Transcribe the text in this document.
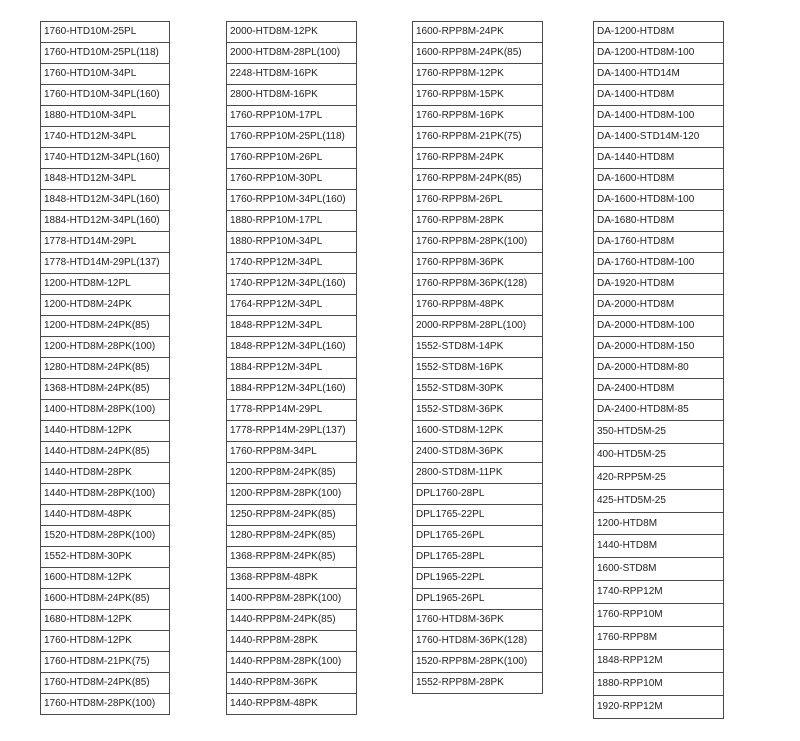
1760-HTD10M-25PL
1760-HTD10M-25PL(118)
1760-HTD10M-34PL
1760-HTD10M-34PL(160)
1880-HTD10M-34PL
1740-HTD12M-34PL
1740-HTD12M-34PL(160)
1848-HTD12M-34PL
1848-HTD12M-34PL(160)
1884-HTD12M-34PL(160)
1778-HTD14M-29PL
1778-HTD14M-29PL(137)
1200-HTD8M-12PL
1200-HTD8M-24PK
1200-HTD8M-24PK(85)
1200-HTD8M-28PK(100)
1280-HTD8M-24PK(85)
1368-HTD8M-24PK(85)
1400-HTD8M-28PK(100)
1440-HTD8M-12PK
1440-HTD8M-24PK(85)
1440-HTD8M-28PK
1440-HTD8M-28PK(100)
1440-HTD8M-48PK
1520-HTD8M-28PK(100)
1552-HTD8M-30PK
1600-HTD8M-12PK
1600-HTD8M-24PK(85)
1680-HTD8M-12PK
1760-HTD8M-12PK
1760-HTD8M-21PK(75)
1760-HTD8M-24PK(85)
1760-HTD8M-28PK(100)
2000-HTD8M-12PK
2000-HTD8M-28PL(100)
2248-HTD8M-16PK
2800-HTD8M-16PK
1760-RPP10M-17PL
1760-RPP10M-25PL(118)
1760-RPP10M-26PL
1760-RPP10M-30PL
1760-RPP10M-34PL(160)
1880-RPP10M-17PL
1880-RPP10M-34PL
1740-RPP12M-34PL
1740-RPP12M-34PL(160)
1764-RPP12M-34PL
1848-RPP12M-34PL
1848-RPP12M-34PL(160)
1884-RPP12M-34PL
1884-RPP12M-34PL(160)
1778-RPP14M-29PL
1778-RPP14M-29PL(137)
1760-RPP8M-34PL
1200-RPP8M-24PK(85)
1200-RPP8M-28PK(100)
1250-RPP8M-24PK(85)
1280-RPP8M-24PK(85)
1368-RPP8M-24PK(85)
1368-RPP8M-48PK
1400-RPP8M-28PK(100)
1440-RPP8M-24PK(85)
1440-RPP8M-28PK
1440-RPP8M-28PK(100)
1440-RPP8M-36PK
1440-RPP8M-48PK
1600-RPP8M-24PK
1600-RPP8M-24PK(85)
1760-RPP8M-12PK
1760-RPP8M-15PK
1760-RPP8M-16PK
1760-RPP8M-21PK(75)
1760-RPP8M-24PK
1760-RPP8M-24PK(85)
1760-RPP8M-26PL
1760-RPP8M-28PK
1760-RPP8M-28PK(100)
1760-RPP8M-36PK
1760-RPP8M-36PK(128)
1760-RPP8M-48PK
2000-RPP8M-28PL(100)
1552-STD8M-14PK
1552-STD8M-16PK
1552-STD8M-30PK
1552-STD8M-36PK
1600-STD8M-12PK
2400-STD8M-36PK
2800-STD8M-11PK
DPL1760-28PL
DPL1765-22PL
DPL1765-26PL
DPL1765-28PL
DPL1965-22PL
DPL1965-26PL
1760-HTD8M-36PK
1760-HTD8M-36PK(128)
1520-RPP8M-28PK(100)
1552-RPP8M-28PK
DA-1200-HTD8M
DA-1200-HTD8M-100
DA-1400-HTD14M
DA-1400-HTD8M
DA-1400-HTD8M-100
DA-1400-STD14M-120
DA-1440-HTD8M
DA-1600-HTD8M
DA-1600-HTD8M-100
DA-1680-HTD8M
DA-1760-HTD8M
DA-1760-HTD8M-100
DA-1920-HTD8M
DA-2000-HTD8M
DA-2000-HTD8M-100
DA-2000-HTD8M-150
DA-2000-HTD8M-80
DA-2400-HTD8M
DA-2400-HTD8M-85
350-HTD5M-25
400-HTD5M-25
420-RPP5M-25
425-HTD5M-25
1200-HTD8M
1440-HTD8M
1600-STD8M
1740-RPP12M
1760-RPP10M
1760-RPP8M
1848-RPP12M
1880-RPP10M
1920-RPP12M
